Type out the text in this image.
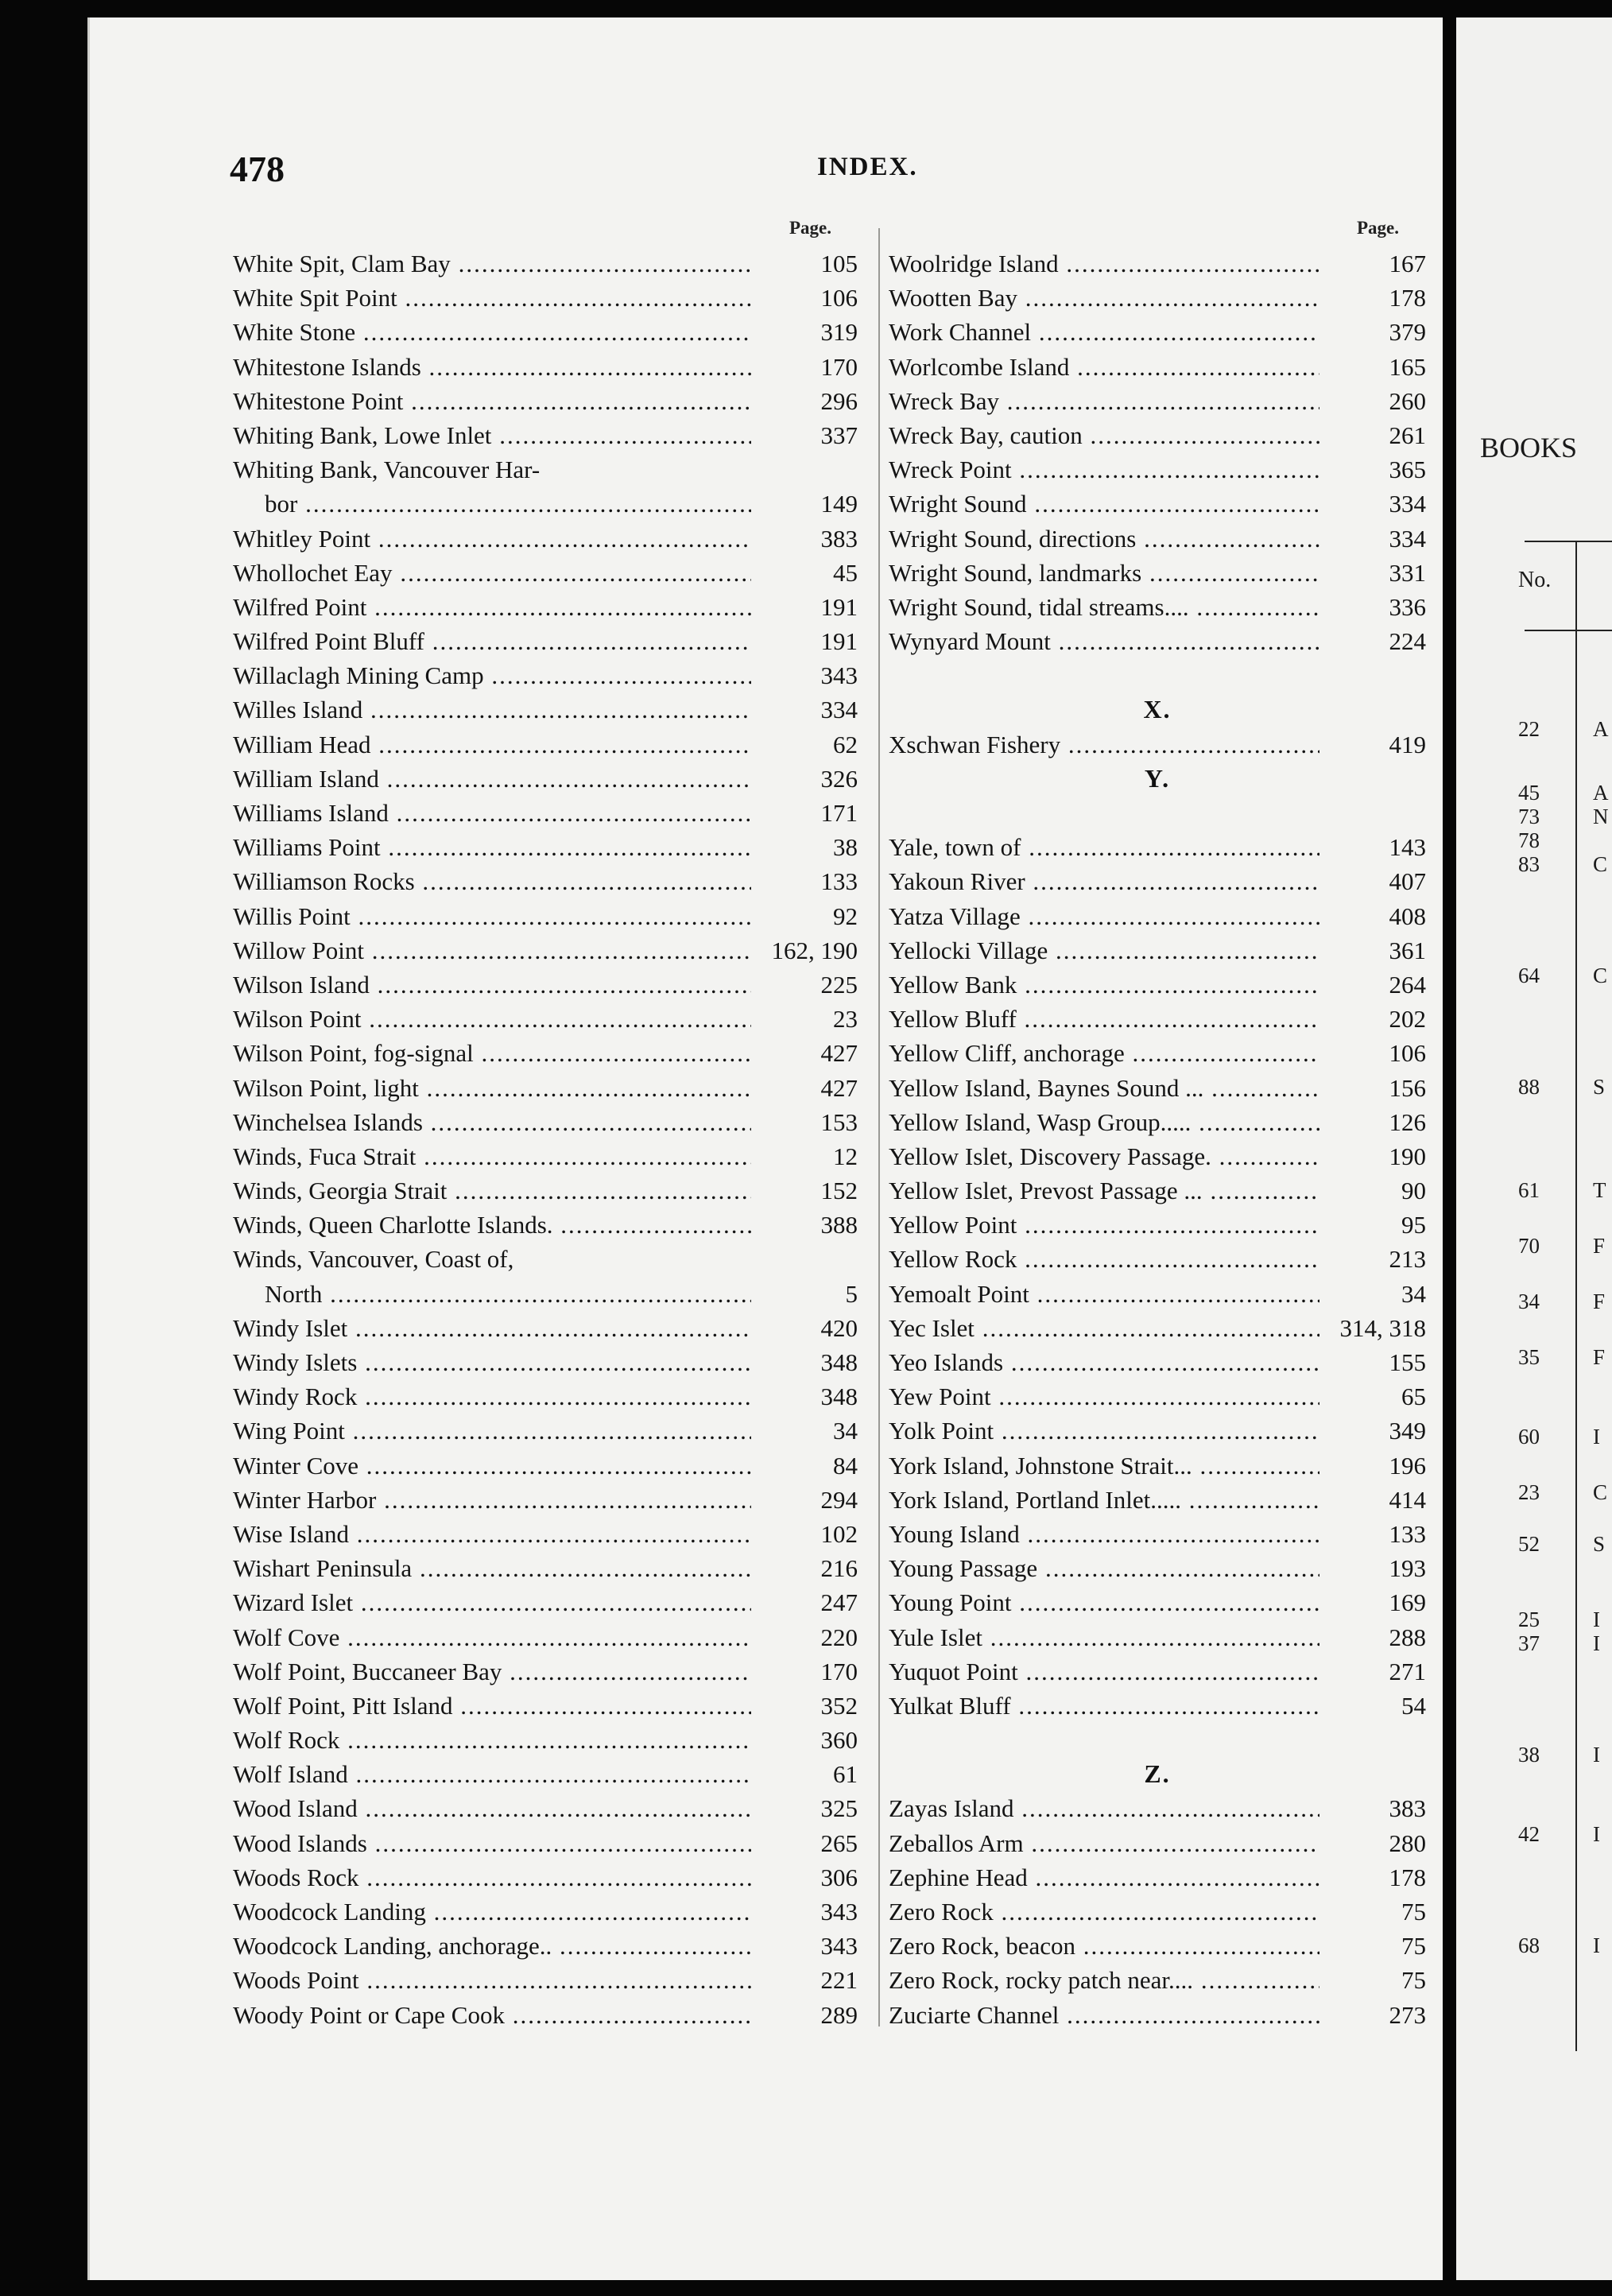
478	INDEX.
Page.	Page.
White Spit, Clam Bay .....	105
White Spit Point .....	106
White Stone .....	319
Whitestone Islands .....	170
Whitestone Point .....	296
Whiting Bank, Lowe Inlet .....	337
Whiting Bank, Vancouver Har-
bor .....	149
Whitley Point .....	383
Whollochet Eay .....	45
Wilfred Point .....	191
Wilfred Point Bluff .....	191
Willaclagh Mining Camp .....	343
Willes Island .....	334
William Head .....	62
William Island .....	326
Williams Island .....	171
Williams Point .....	38
Williamson Rocks .....	133
Willis Point .....	92
Willow Point .....	162, 190
Wilson Island .....	225
Wilson Point .....	23
Wilson Point, fog-signal .....	427
Wilson Point, light .....	427
Winchelsea Islands .....	153
Winds, Fuca Strait .....	12
Winds, Georgia Strait .....	152
Winds, Queen Charlotte Islands. .....	388
Winds, Vancouver, Coast of,
North .....	5
Windy Islet .....	420
Windy Islets .....	348
Windy Rock .....	348
Wing Point .....	34
Winter Cove .....	84
Winter Harbor .....	294
Wise Island .....	102
Wishart Peninsula .....	216
Wizard Islet .....	247
Wolf Cove .....	220
Wolf Point, Buccaneer Bay .....	170
Wolf Point, Pitt Island .....	352
Wolf Rock .....	360
Wolf Island .....	61
Wood Island .....	325
Wood Islands .....	265
Woods Rock .....	306
Woodcock Landing .....	343
Woodcock Landing, anchorage.. .....	343
Woods Point .....	221
Woody Point or Cape Cook .....	289
Woolridge Island .....	167
Wootten Bay .....	178
Work Channel .....	379
Worlcombe Island .....	165
Wreck Bay .....	260
Wreck Bay, caution .....	261
Wreck Point .....	365
Wright Sound .....	334
Wright Sound, directions .....	334
Wright Sound, landmarks .....	331
Wright Sound, tidal streams.... .....	336
Wynyard Mount .....	224
X.
Xschwan Fishery .....	419
Y.
Yale, town of .....	143
Yakoun River .....	407
Yatza Village .....	408
Yellocki Village .....	361
Yellow Bank .....	264
Yellow Bluff .....	202
Yellow Cliff, anchorage .....	106
Yellow Island, Baynes Sound ... .....	156
Yellow Island, Wasp Group..... .....	126
Yellow Islet, Discovery Passage. .....	190
Yellow Islet, Prevost Passage ... .....	90
Yellow Point .....	95
Yellow Rock .....	213
Yemoalt Point .....	34
Yec Islet .....	314, 318
Yeo Islands .....	155
Yew Point .....	65
Yolk Point .....	349
York Island, Johnstone Strait... .....	196
York Island, Portland Inlet..... .....	414
Young Island .....	133
Young Passage .....	193
Young Point .....	169
Yule Islet .....	288
Yuquot Point .....	271
Yulkat Bluff .....	54
Z.
Zayas Island .....	383
Zeballos Arm .....	280
Zephine Head .....	178
Zero Rock .....	75
Zero Rock, beacon .....	75
Zero Rock, rocky patch near.... .....	75
Zuciarte Channel .....	273
BOOKS
No.
22 A
45 A
73 N
78
83 C
64 C
88 S
61 T
70 F
34 F
35 F
60 I
23 C
52 S
25 I
37 I
38 I
42 I
68 I
